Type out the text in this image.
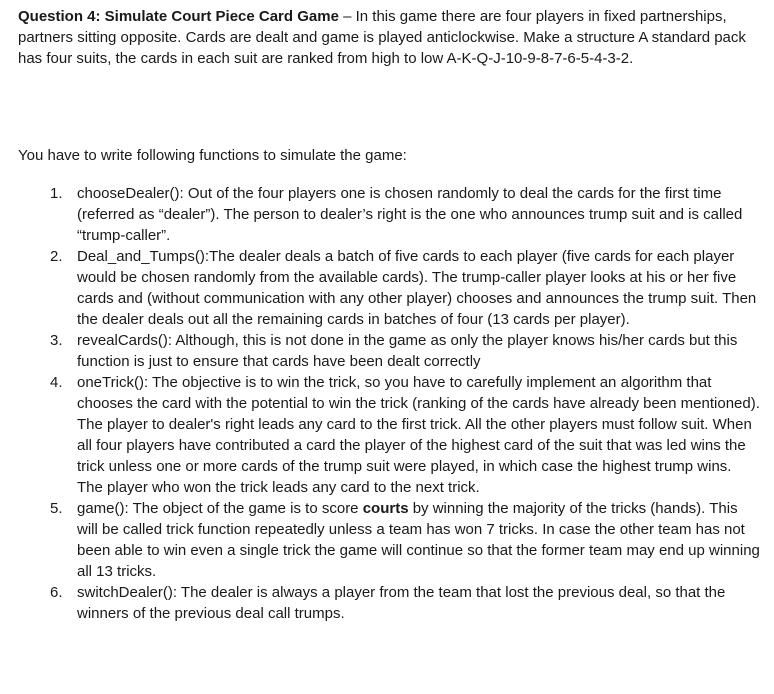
Question 4: Simulate Court Piece Card Game – In this game there are four players in fixed partnerships, partners sitting opposite. Cards are dealt and game is played anticlockwise. Make a structure A standard pack has four suits, the cards in each suit are ranked from high to low A-K-Q-J-10-9-8-7-6-5-4-3-2.

You have to write following functions to simulate the game:

1. chooseDealer(): Out of the four players one is chosen randomly to deal the cards for the first time (referred as “dealer”). The person to dealer’s right is the one who announces trump suit and is called “trump-caller”.
2. Deal_and_Tumps():The dealer deals a batch of five cards to each player (five cards for each player would be chosen randomly from the available cards). The trump-caller player looks at his or her five cards and (without communication with any other player) chooses and announces the trump suit. Then the dealer deals out all the remaining cards in batches of four (13 cards per player).
3. revealCards(): Although, this is not done in the game as only the player knows his/her cards but this function is just to ensure that cards have been dealt correctly
4. oneTrick(): The objective is to win the trick, so you have to carefully implement an algorithm that chooses the card with the potential to win the trick (ranking of the cards have already been mentioned). The player to dealer's right leads any card to the first trick. All the other players must follow suit. When all four players have contributed a card the player of the highest card of the suit that was led wins the trick unless one or more cards of the trump suit were played, in which case the highest trump wins. The player who won the trick leads any card to the next trick.
5. game(): The object of the game is to score courts by winning the majority of the tricks (hands). This will be called trick function repeatedly unless a team has won 7 tricks. In case the other team has not been able to win even a single trick the game will continue so that the former team may end up winning all 13 tricks.
6. switchDealer(): The dealer is always a player from the team that lost the previous deal, so that the winners of the previous deal call trumps.
